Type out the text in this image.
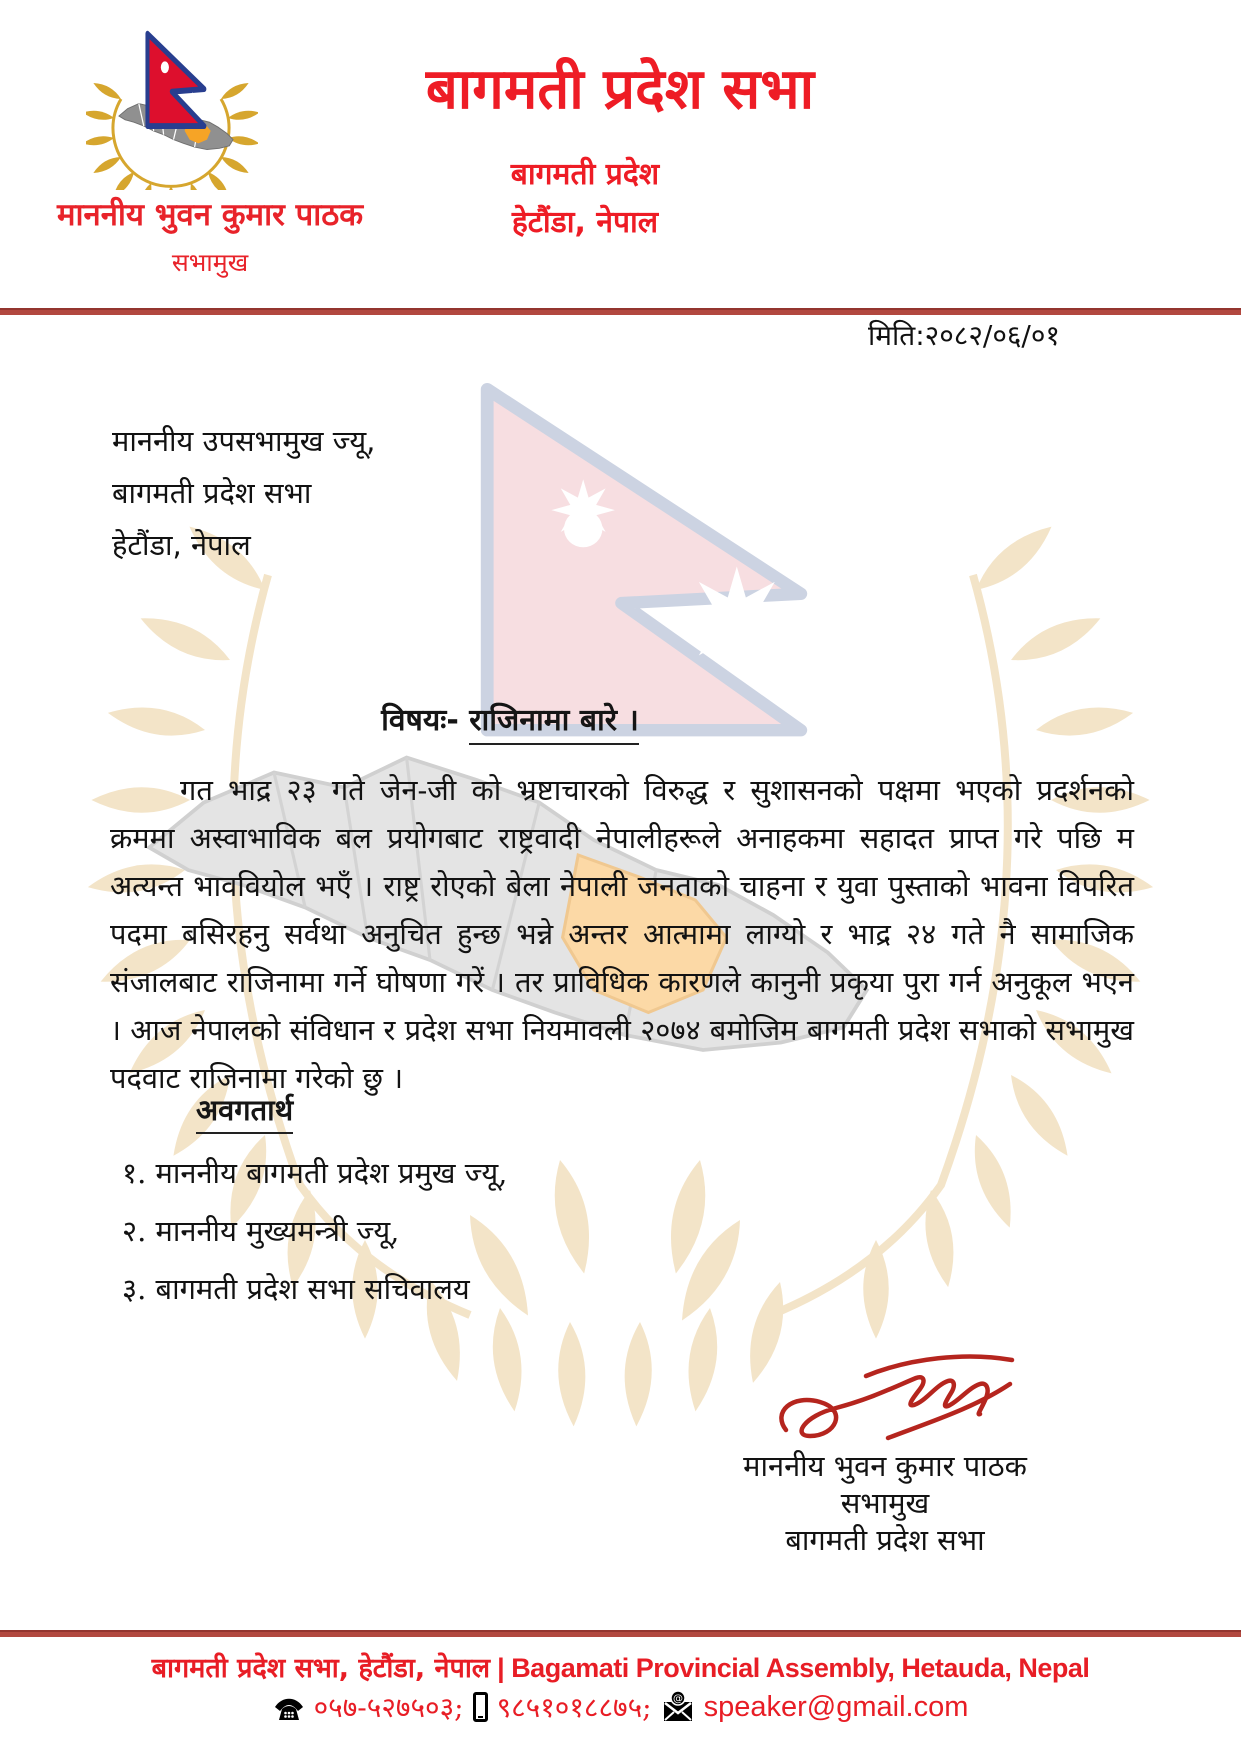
बागमती प्रदेश सभा
बागमती प्रदेश
हेटौंडा, नेपाल
माननीय भुवन कुमार पाठक
सभामुख
मिति:२०८२/०६/०१
माननीय उपसभामुख ज्यू,
बागमती प्रदेश सभा
हेटौंडा, नेपाल
विषयः- राजिनामा बारे ।
गत भाद्र २३ गते जेन-जी को भ्रष्टाचारको विरुद्ध र सुशासनको पक्षमा भएको प्रदर्शनको क्रममा अस्वाभाविक बल प्रयोगबाट राष्ट्रवादी नेपालीहरूले अनाहकमा सहादत प्राप्त गरे पछि म अत्यन्त भाववियोल भएँ । राष्ट्र रोएको बेला नेपाली जनताको चाहना र युवा पुस्ताको भावना विपरित पदमा बसिरहनु सर्वथा अनुचित हुन्छ भन्ने अन्तर आत्मामा लाग्यो र भाद्र २४ गते नै सामाजिक संजालबाट राजिनामा गर्ने घोषणा गरें । तर प्राविधिक कारणले कानुनी प्रकृया पुरा गर्न अनुकूल भएन । आज नेपालको संविधान र प्रदेश सभा नियमावली २०७४ बमोजिम बागमती प्रदेश सभाको सभामुख पदवाट राजिनामा गरेको छु ।
अवगतार्थ
१. माननीय बागमती प्रदेश प्रमुख ज्यू,
२. माननीय मुख्यमन्त्री ज्यू,
३. बागमती प्रदेश सभा सचिवालय
माननीय भुवन कुमार पाठक
सभामुख
बागमती प्रदेश सभा
बागमती प्रदेश सभा, हेटौंडा, नेपाल | Bagamati Provincial Assembly, Hetauda, Nepal
०५७-५२७५०३; ९८५१०१८८७५; @ speaker@gmail.com
